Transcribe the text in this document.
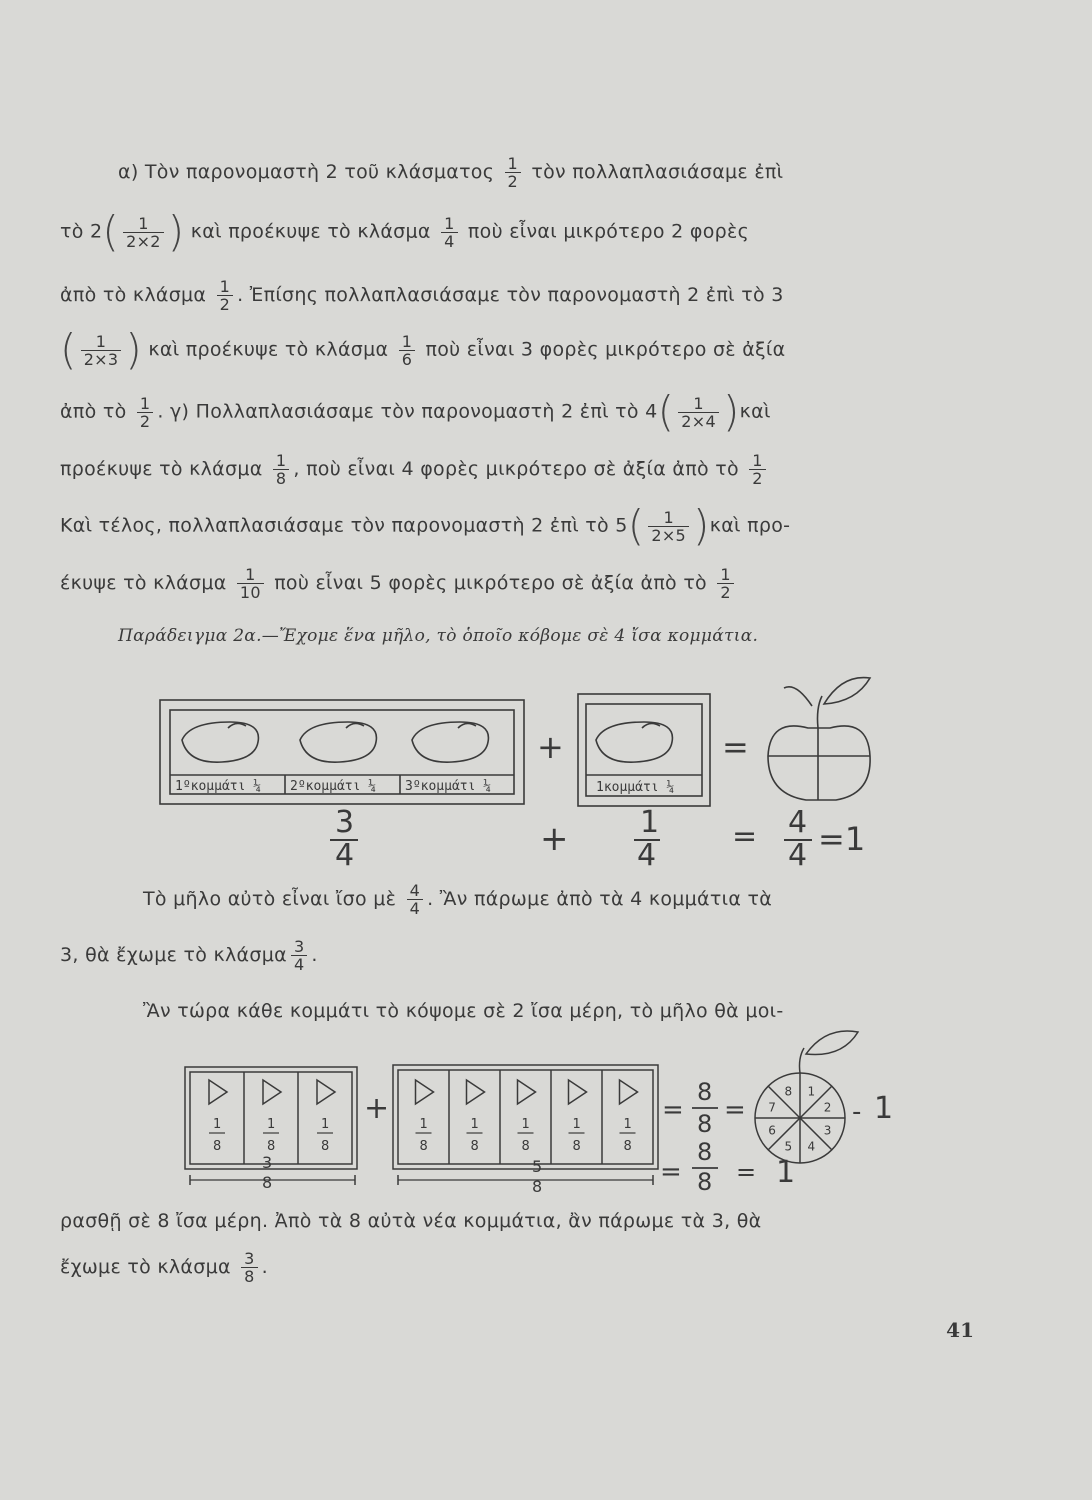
α) Τὸν παρονομαστὴ 2 τοῦ κλάσματος $\frac{1}{2}$ τὸν πολλαπλασιάσαμε ἐπὶ
τὸ $2( \frac{1}{2\times 2}$ ) καὶ προέκυψε τὸ κλάσμα $\frac{1}{4}$ ποὺ εἶναι μικρότερο 2 φορὲς
ἀπὸ τὸ κλάσμα $\frac{1}{2}$ . Ἐπίσης πολλαπλασιάσαμε τὸν παρονομαστὴ 2 ἐπὶ τὸ 3
( $\frac{1}{2\times 3}$ ) καὶ προέκυψε τὸ κλάσμα $\frac{1}{6}$ ποὺ εἶναι 3 φορὲς μικρότερο σὲ ἀξία
ἀπὸ τὸ $\frac{1}{2}$ . γ) Πολλαπλασιάσαμε τὸν παρονομαστὴ 2 ἐπὶ τὸ $4( \frac{1}{2\times 4}$ )καὶ
προέκυψε τὸ κλάσμα $\frac{1}{8}$ , ποὺ εἶναι 4 φορὲς μικρότερο σὲ ἀξία ἀπὸ τὸ $\frac{1}{2}$
Καὶ τέλος, πολλαπλασιάσαμε τὸν παρονομαστὴ 2 ἐπὶ τὸ $5( \frac{1}{2\times 5}$ )καὶ προ-
έκυψε τὸ κλάσμα $\frac{1}{10}$ ποὺ εἶναι 5 φορὲς μικρότερο σὲ ἀξία ἀπὸ τὸ $\frac{1}{2}$
Παράδειγμα 2α.—Ἔχομε ἕνα μῆλο, τὸ ὁποῖο κόβομε σὲ 4 ἴσα κομμάτια.
1ºκομμάτι ¼ 2ºκομμάτι ¼ 3ºκομμάτι ¼	1κομμάτι ¼
+	=
3
4	+ 1
4
= 4
4 =1
Τὸ μῆλο αὐτὸ εἶναι ἴσο μὲ $\frac{4}{4}$ . Ἂν πάρωμε ἀπὸ τὰ 4 κομμάτια τὰ
3, θὰ ἔχωμε τὸ κλάσμα $\frac{3}{4}$ .
Ἂν τώρα κάθε κομμάτι τὸ κόψομε σὲ 2 ἴσα μέρη, τὸ μῆλο θὰ μοι-
1
8
1
8
1
8
1
8
1
8
1
8
1
8
1
8
+
3
8
5
8
=
8
8 =	- 1
=
8
8 = 1
8 1
2
3
4
5
6
7
ρασθῇ σὲ 8 ἴσα μέρη. Ἀπὸ τὰ 8 αὐτὰ νέα κομμάτια, ἂν πάρωμε τὰ 3, θὰ
ἔχωμε τὸ κλάσμα $\frac{3}{8}$ .
41
